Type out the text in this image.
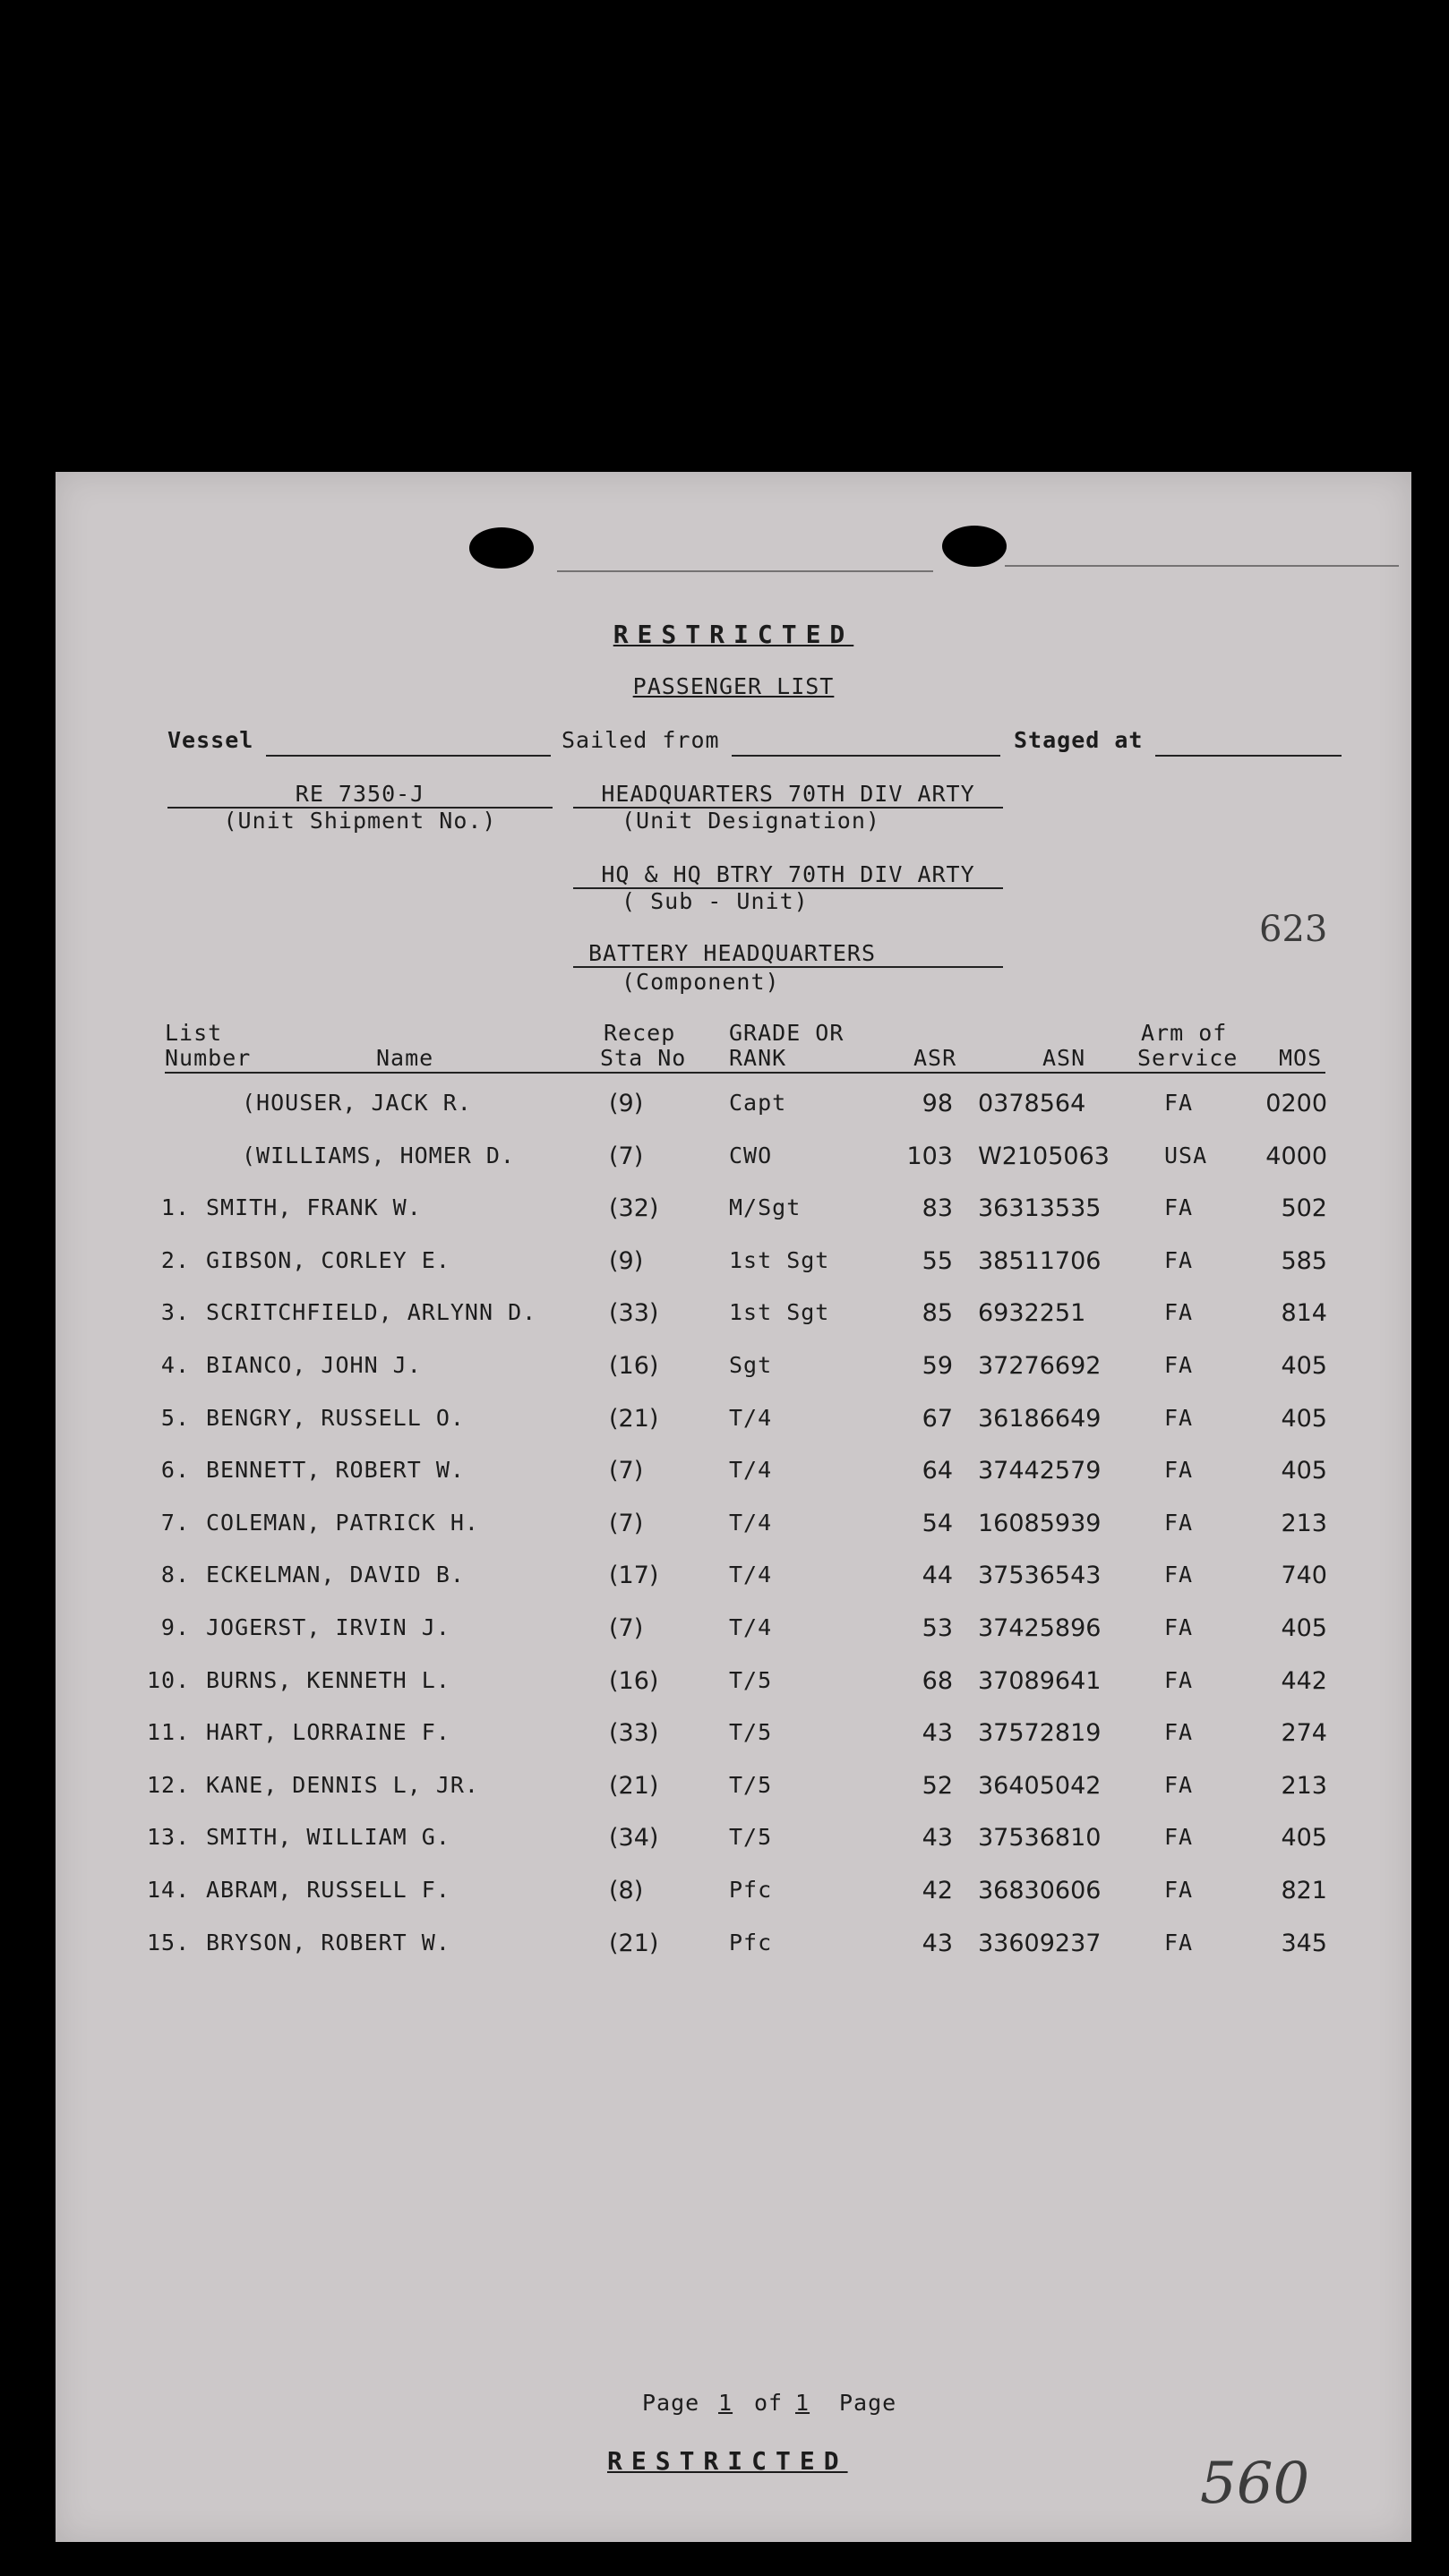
RESTRICTED
PASSENGER LIST
Vessel	Sailed from	Staged at
RE 7350-J
(Unit Shipment No.)
HEADQUARTERS 70TH DIV ARTY
(Unit Designation)
HQ & HQ BTRY 70TH DIV ARTY
( Sub - Unit)
BATTERY HEADQUARTERS
(Component)
623
List
Number	Name
Recep
Sta No
GRADE OR
RANK	ASR	ASN
Arm of
Service MOS
(HOUSER, JACK R.	(9)	Capt	98 0378564	FA	0200
(WILLIAMS, HOMER D.	(7)	CWO	103 W2105063	USA	4000
1. SMITH, FRANK W.	(32)	M/Sgt	83 36313535	FA	502
2. GIBSON, CORLEY E.	(9)	1st Sgt	55 38511706	FA	585
3. SCRITCHFIELD, ARLYNN D.	(33)	1st Sgt	85 6932251	FA	814
4. BIANCO, JOHN J.	(16)	Sgt	59 37276692	FA	405
5. BENGRY, RUSSELL O.	(21)	T/4	67 36186649	FA	405
6. BENNETT, ROBERT W.	(7)	T/4	64 37442579	FA	405
7. COLEMAN, PATRICK H.	(7)	T/4	54 16085939	FA	213
8. ECKELMAN, DAVID B.	(17)	T/4	44 37536543	FA	740
9. JOGERST, IRVIN J.	(7)	T/4	53 37425896	FA	405
10. BURNS, KENNETH L.	(16)	T/5	68 37089641	FA	442
11. HART, LORRAINE F.	(33)	T/5	43 37572819	FA	274
12. KANE, DENNIS L, JR.	(21)	T/5	52 36405042	FA	213
13. SMITH, WILLIAM G.	(34)	T/5	43 37536810	FA	405
14. ABRAM, RUSSELL F.	(8)	Pfc	42 36830606	FA	821
15. BRYSON, ROBERT W.	(21)	Pfc	43 33609237	FA	345
Page 1 of 1 Page
RESTRICTED	560
